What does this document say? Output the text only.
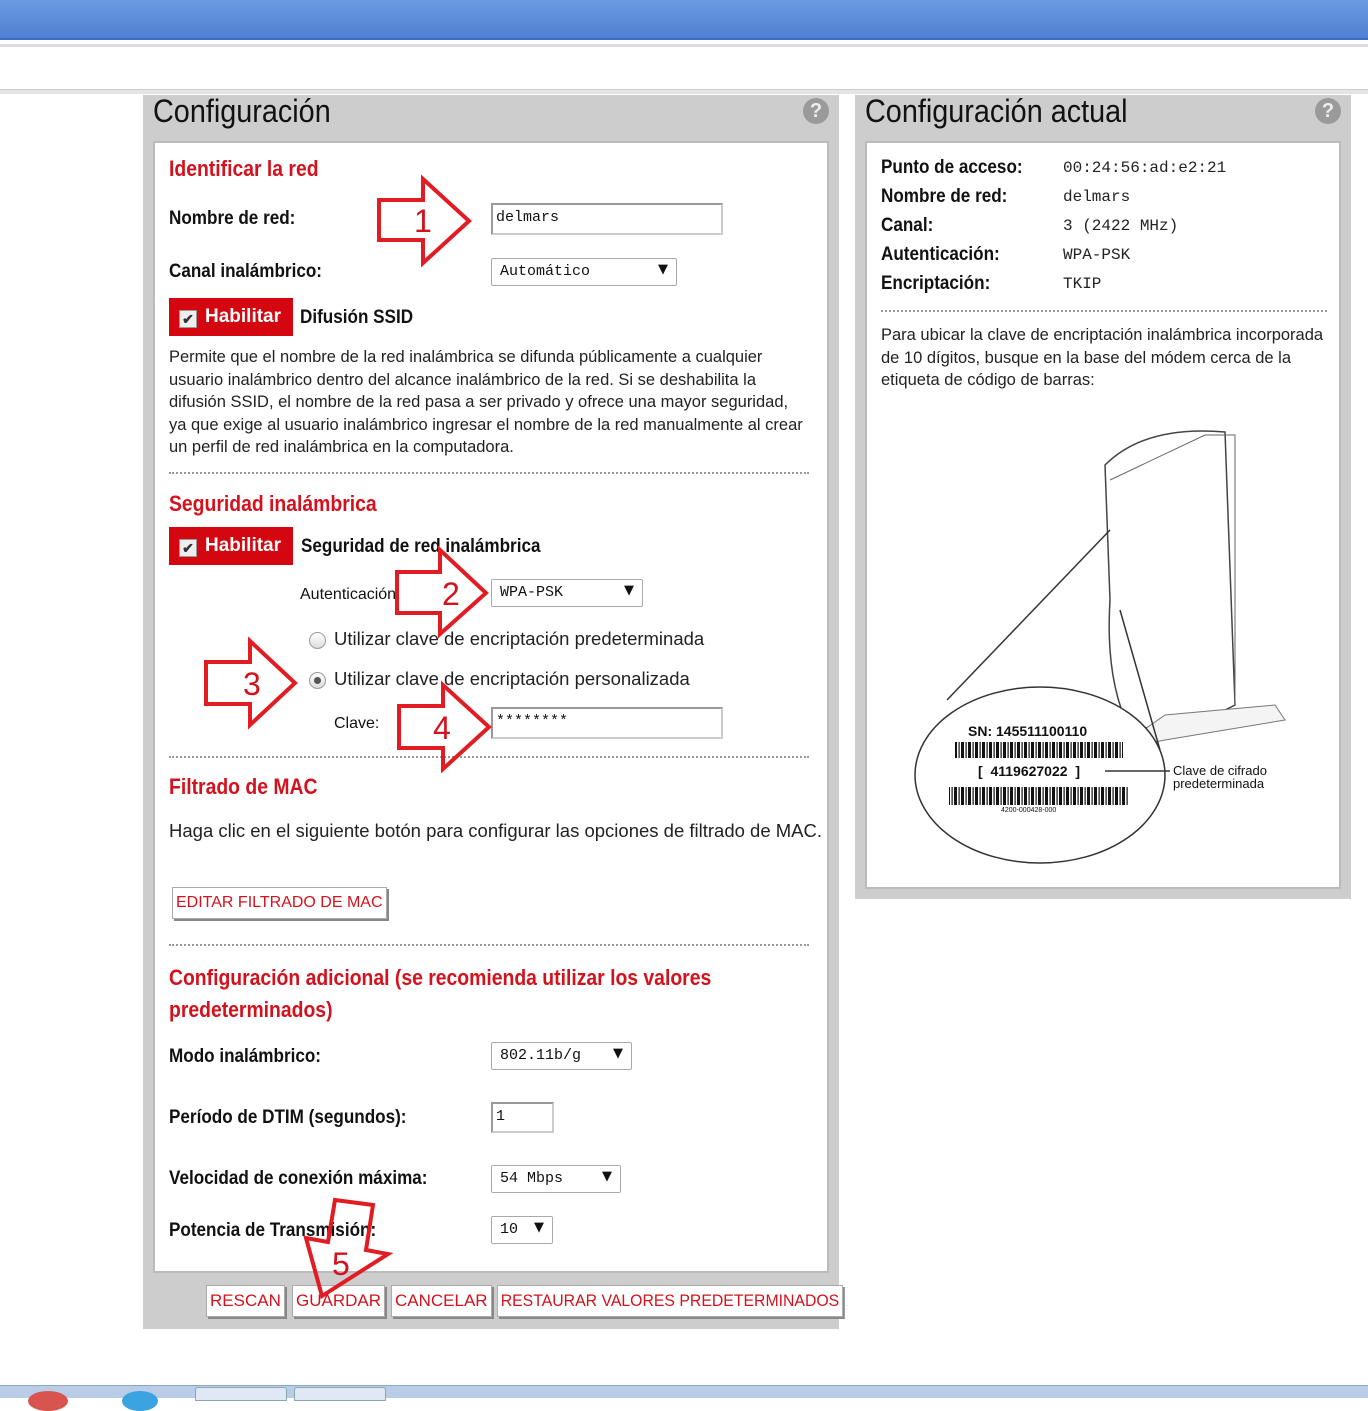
Configuración	?
Identificar la red
Nombre de red:	delmars
Canal inalámbrico:	Automático	▼
✔ Habilitar Difusión SSID
Permite que el nombre de la red inalámbrica se difunda públicamente a cualquier usuario inalámbrico dentro del alcance inalámbrico de la red. Si se deshabilita la difusión SSID, el nombre de la red pasa a ser privado y ofrece una mayor seguridad, ya que exige al usuario inalámbrico ingresar el nombre de la red manualmente al crear un perfil de red inalámbrica en la computadora.
Seguridad inalámbrica
✔ Habilitar	Seguridad de red inalámbrica
Autenticación:	WPA-PSK	▼
Utilizar clave de encriptación predeterminada
Utilizar clave de encriptación personalizada
Clave:	********
Filtrado de MAC
Haga clic en el siguiente botón para configurar las opciones de filtrado de MAC.
EDITAR FILTRADO DE MAC
Configuración adicional (se recomienda utilizar los valores predeterminados)
Modo inalámbrico:	802.11b/g ▼
Período de DTIM (segundos):	1
Velocidad de conexión máxima:	54 Mbps	▼
Potencia de Transmisión:	10 ▼
RESCAN GUARDAR CANCELAR RESTAURAR VALORES PREDETERMINADOS
Configuración actual	?
Punto de acceso:	00:24:56:ad:e2:21
Nombre de red:	delmars
Canal:	3 (2422 MHz)
Autenticación:	WPA-PSK
Encriptación:	TKIP
Para ubicar la clave de encriptación inalámbrica incorporada de 10 dígitos, busque en la base del módem cerca de la etiqueta de código de barras:
SN: 145511100110
[  4119627022  ]
4200-000428-000
Clave de cifrado predeterminada
1
2
3
4
5
